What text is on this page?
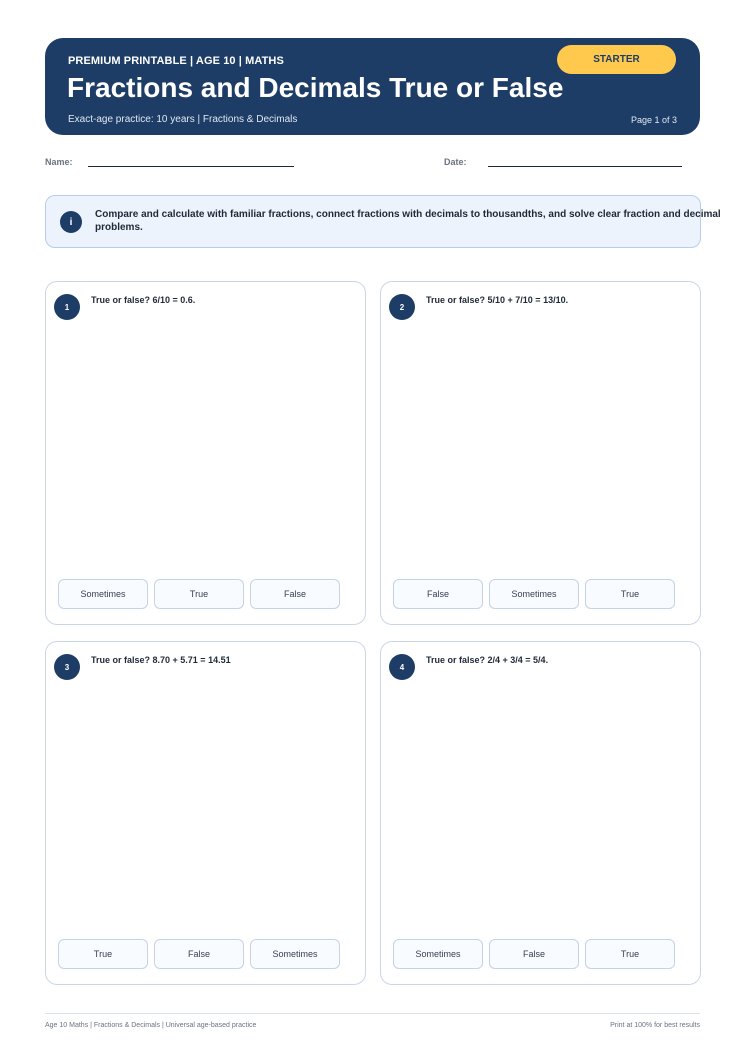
PREMIUM PRINTABLE | AGE 10 | MATHS
Fractions and Decimals True or False
Exact-age practice: 10 years | Fractions & Decimals	Page 1 of 3
STARTER
Name:	Date:
i
Compare and calculate with familiar fractions, connect fractions with decimals to thousandths, and solve clear fraction and decimal problems.
1
True or false? 6/10 = 0.6.
Sometimes	True	False
2
True or false? 5/10 + 7/10 = 13/10.
False	Sometimes	True
3
True or false? 8.70 + 5.71 = 14.51
True	False	Sometimes
4
True or false? 2/4 + 3/4 = 5/4.
Sometimes	False	True
Age 10 Maths | Fractions & Decimals | Universal age-based practice	Print at 100% for best results
